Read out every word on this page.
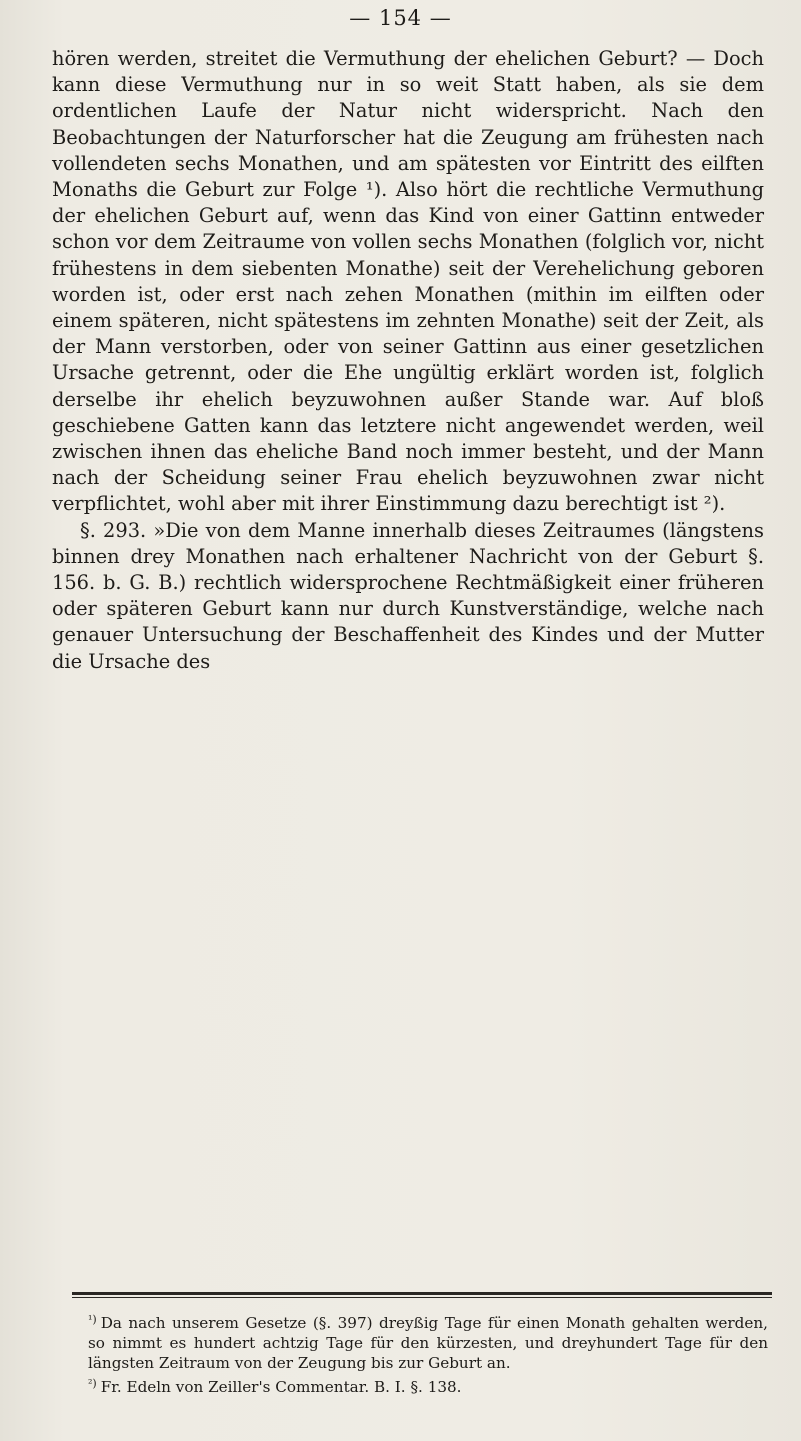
— 154 —

hören werden, streitet die Vermuthung der ehelichen Geburt? — Doch kann diese Vermuthung nur in so weit Statt haben, als sie dem ordentlichen Laufe der Natur nicht widerspricht. Nach den Beobachtungen der Naturforscher hat die Zeugung am frühesten nach vollendeten sechs Monathen, und am spätesten vor Eintritt des eilften Monaths die Geburt zur Folge ¹). Also hört die rechtliche Vermuthung der ehelichen Geburt auf, wenn das Kind von einer Gattinn entweder schon vor dem Zeitraume von vollen sechs Monathen (folglich vor, nicht frühestens in dem siebenten Monathe) seit der Verehelichung geboren worden ist, oder erst nach zehen Monathen (mithin im eilften oder einem späteren, nicht spätestens im zehnten Monathe) seit der Zeit, als der Mann verstorben, oder von seiner Gattinn aus einer gesetzlichen Ursache getrennt, oder die Ehe ungültig erklärt worden ist, folglich derselbe ihr ehelich beyzuwohnen außer Stande war. Auf bloß geschiebene Gatten kann das letztere nicht angewendet werden, weil zwischen ihnen das eheliche Band noch immer besteht, und der Mann nach der Scheidung seiner Frau ehelich beyzuwohnen zwar nicht verpflichtet, wohl aber mit ihrer Einstimmung dazu berechtigt ist ²).

§. 293. »Die von dem Manne innerhalb dieses Zeitraumes (längstens binnen drey Monathen nach erhaltener Nachricht von der Geburt §. 156. b. G. B.) rechtlich widersprochene Rechtmäßigkeit einer früheren oder späteren Geburt kann nur durch Kunstverständige, welche nach genauer Untersuchung der Beschaffenheit des Kindes und der Mutter die Ursache des

$^{^1)}$ Da nach unserem Gesetze (§. 397) dreyßig Tage für einen Monath gehalten werden, so nimmt es hundert achtzig Tage für den kürzesten, und dreyhundert Tage für den längsten Zeitraum von der Zeugung bis zur Geburt an.

$^{^2)}$ Fr. Edeln von Zeiller's Commentar. B. I. §. 138.
